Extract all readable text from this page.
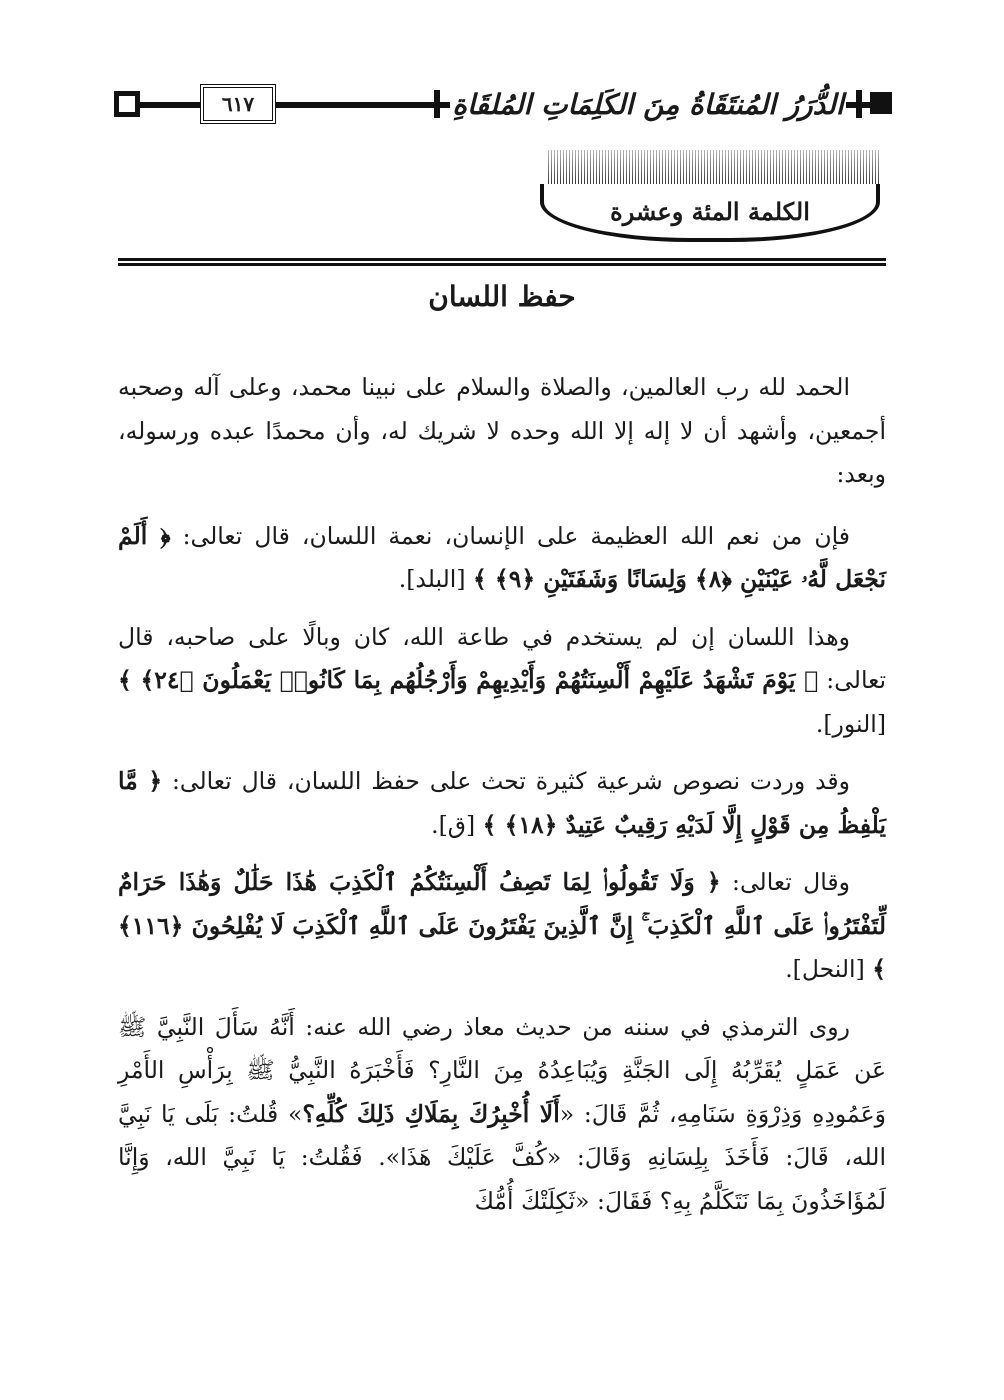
٦١٧	الدُّرَرُ المُنتَقَاةُ مِنَ الكَلِمَاتِ المُلقَاةِ
الكلمة المئة وعشرة
حفظ اللسان

الحمد لله رب العالمين، والصلاة والسلام على نبينا محمد، وعلى آله وصحبه أجمعين، وأشهد أن لا إله إلا الله وحده لا شريك له، وأن محمدًا عبده ورسوله، وبعد:

فإن من نعم الله العظيمة على الإنسان، نعمة اللسان، قال تعالى: ﴿ أَلَمْ نَجْعَل لَّهُۥ عَيْنَيْنِ ﴿٨﴾ وَلِسَانًا وَشَفَتَيْنِ ﴿٩﴾ ﴾ [البلد].

وهذا اللسان إن لم يستخدم في طاعة الله، كان وبالًا على صاحبه، قال تعالى: ﴿ يَوْمَ تَشْهَدُ عَلَيْهِمْ أَلْسِنَتُهُمْ وَأَيْدِيهِمْ وَأَرْجُلُهُم بِمَا كَانُوا۟ يَعْمَلُونَ ﴿٢٤﴾ ﴾ [النور].

وقد وردت نصوص شرعية كثيرة تحث على حفظ اللسان، قال تعالى: ﴿ مَّا يَلْفِظُ مِن قَوْلٍ إِلَّا لَدَيْهِ رَقِيبٌ عَتِيدٌ ﴿١٨﴾ ﴾ [ق].

وقال تعالى: ﴿ وَلَا تَقُولُوا۟ لِمَا تَصِفُ أَلْسِنَتُكُمُ ٱلْكَذِبَ هَٰذَا حَلَٰلٌ وَهَٰذَا حَرَامٌ لِّتَفْتَرُوا۟ عَلَى ٱللَّهِ ٱلْكَذِبَ ۚ إِنَّ ٱلَّذِينَ يَفْتَرُونَ عَلَى ٱللَّهِ ٱلْكَذِبَ لَا يُفْلِحُونَ ﴿١١٦﴾ ﴾ [النحل].

روى الترمذي في سننه من حديث معاذ رضي الله عنه: أَنَّهُ سَأَلَ النَّبِيَّ ﷺ عَن عَمَلٍ يُقَرِّبُهُ إِلَى الجَنَّةِ وَيُبَاعِدُهُ مِنَ النَّارِ؟ فَأَخْبَرَهُ النَّبِيُّ ﷺ بِرَأْسِ الأَمْرِ وَعَمُودِهِ وَذِرْوَةِ سَنَامِهِ، ثُمَّ قَالَ: «أَلَا أُخْبِرُكَ بِمَلَاكِ ذَلِكَ كُلِّهِ؟» قُلتُ: بَلَى يَا نَبِيَّ الله، قَالَ: فَأَخَذَ بِلِسَانِهِ وَقَالَ: «كُفَّ عَلَيْكَ هَذَا». فَقُلتُ: يَا نَبِيَّ الله، وَإِنَّا لَمُؤَاخَذُونَ بِمَا نَتَكَلَّمُ بِهِ؟ فَقَالَ: «ثَكِلَتْكَ أُمُّكَ
